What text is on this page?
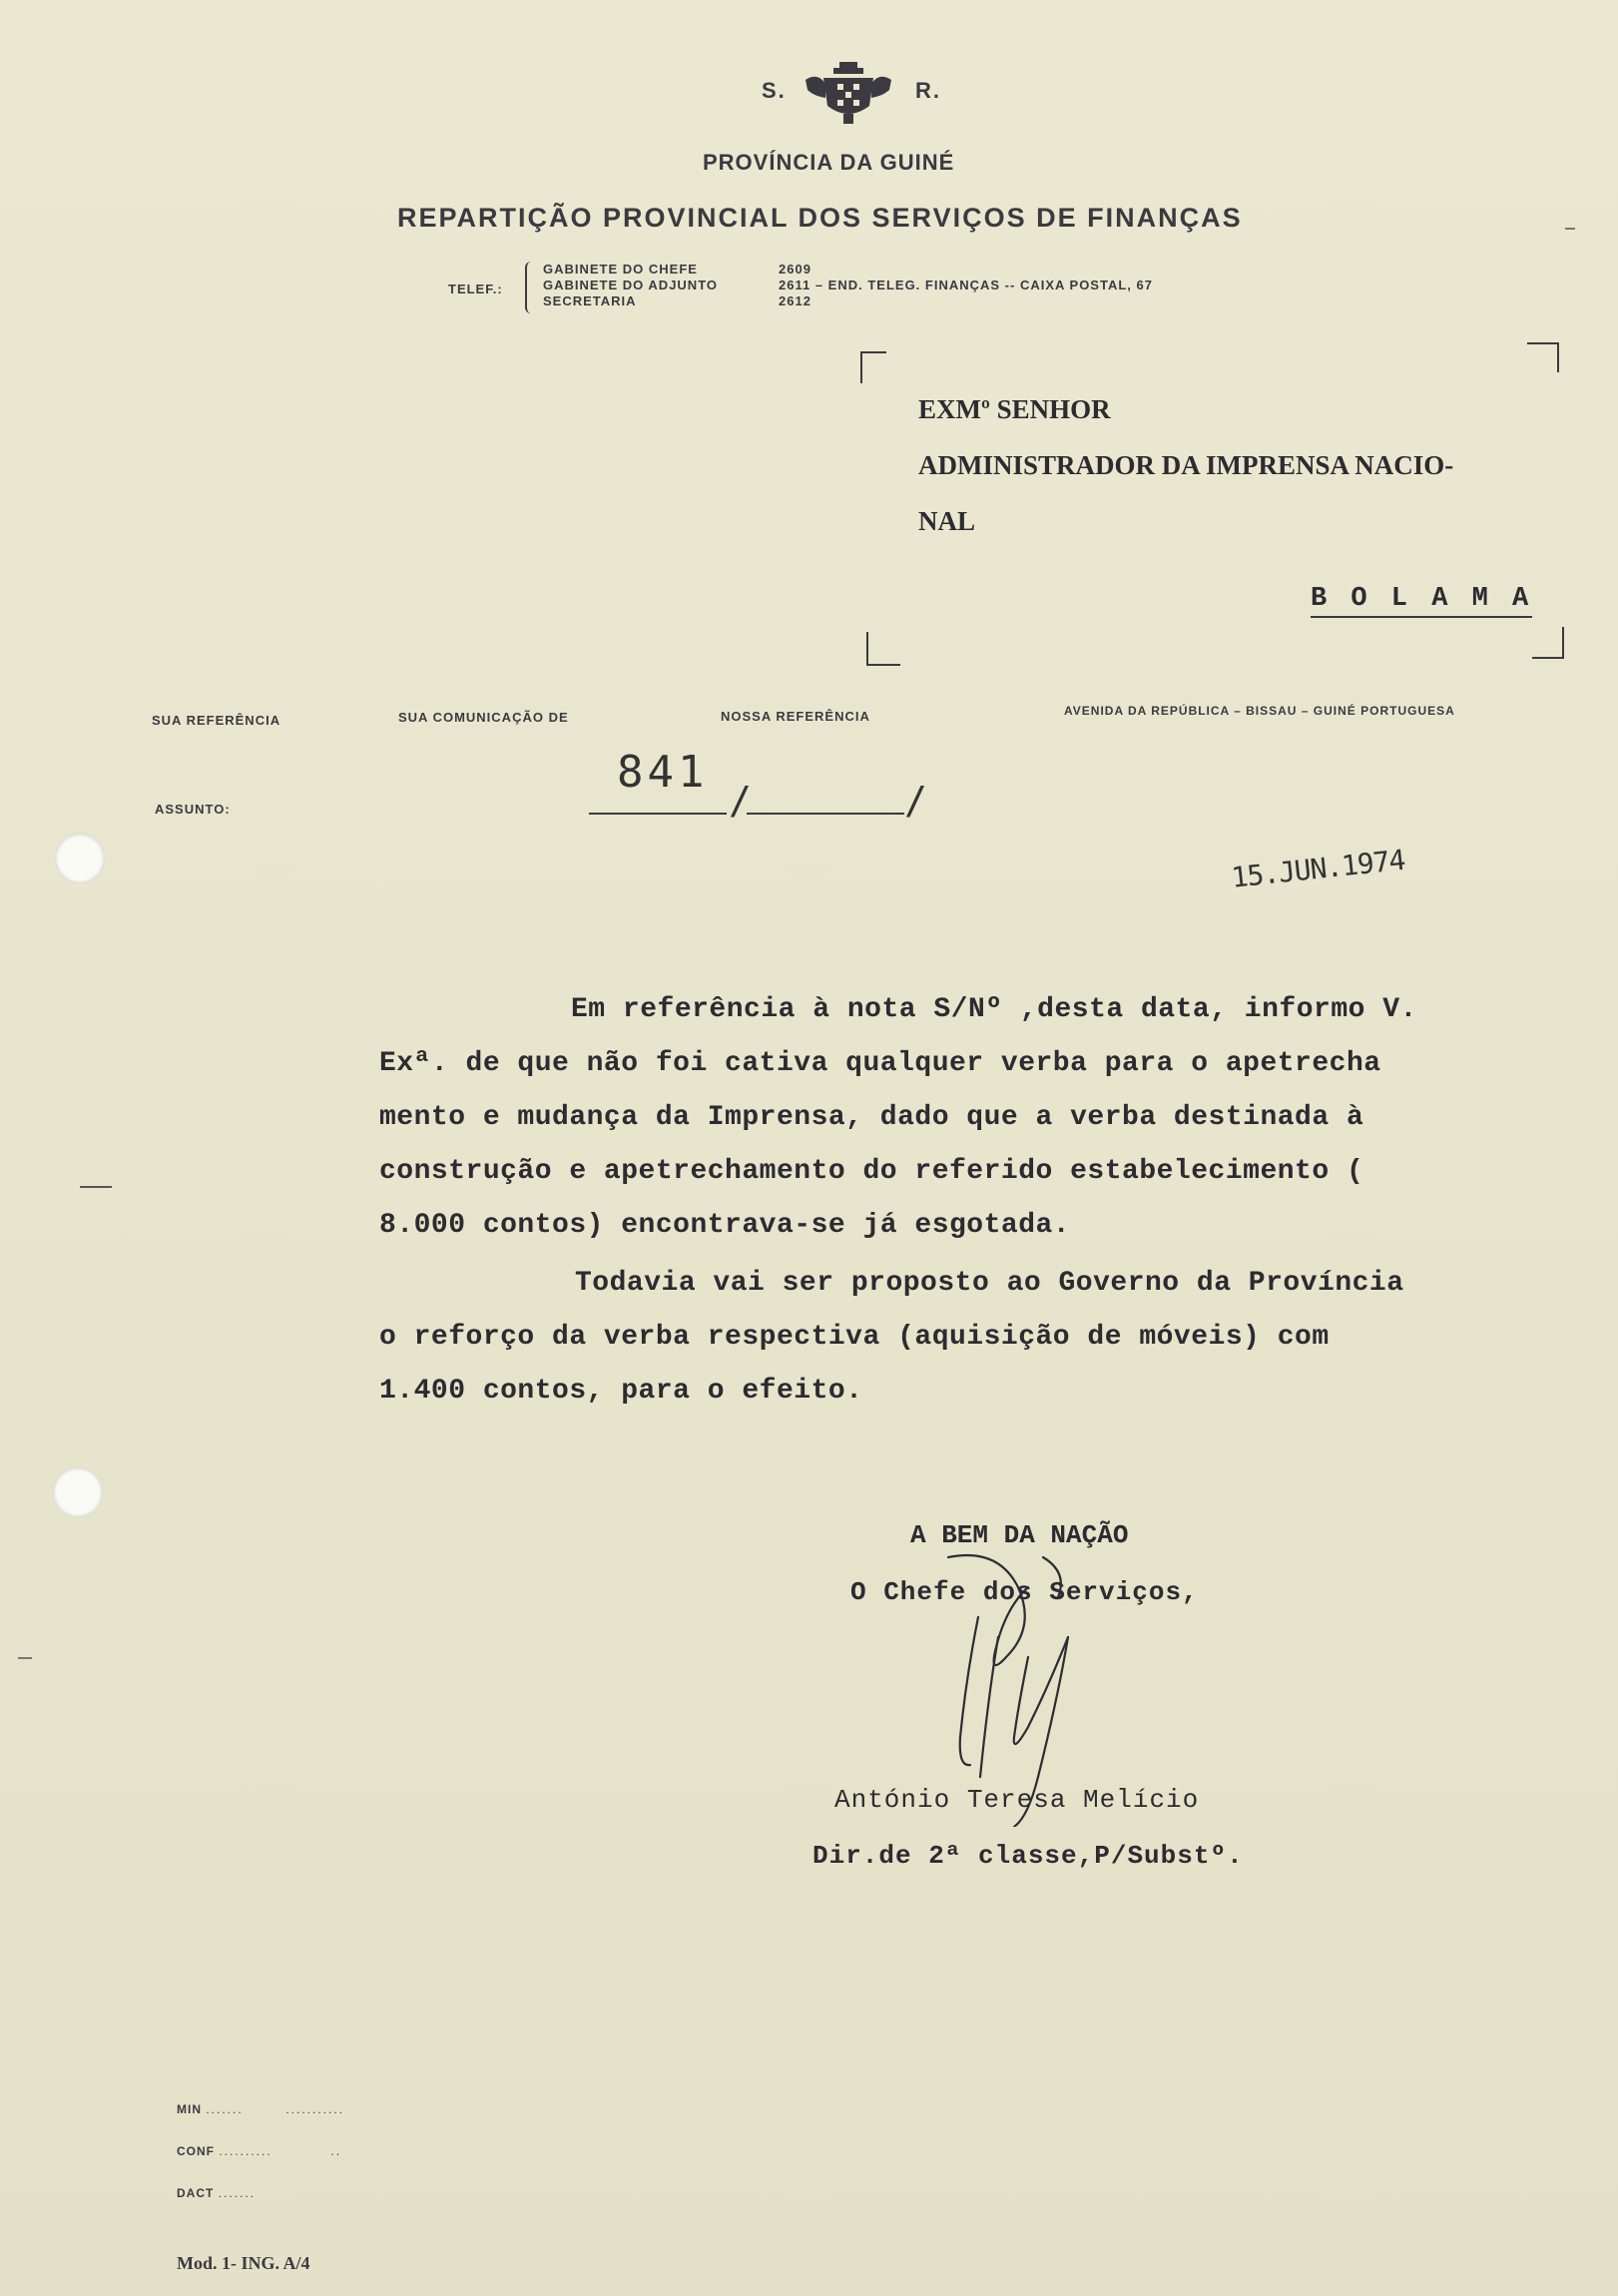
S.	R.
PROVÍNCIA DA GUINÉ
REPARTIÇÃO PROVINCIAL DOS SERVIÇOS DE FINANÇAS
TELEF.:
GABINETE DO CHEFE	2609
GABINETE DO ADJUNTO	2611 – END. TELEG. FINANÇAS -- CAIXA POSTAL, 67
SECRETARIA	2612
EXMº SENHOR
ADMINISTRADOR DA IMPRENSA NACIO-
NAL
B O L A M A
SUA REFERÊNCIA	SUA COMUNICAÇÃO DE	NOSSA REFERÊNCIA	AVENIDA DA REPÚBLICA – BISSAU – GUINÉ PORTUGUESA
ASSUNTO:
841
/	/
15.JUN.1974
Em referência à nota S/Nº ,desta data, informo V.
Exª. de que não foi cativa qualquer verba para o apetrecha
mento e mudança da Imprensa, dado que a verba destinada à
construção e apetrechamento do referido estabelecimento (
8.000 contos) encontrava-se já esgotada.
Todavia vai ser proposto ao Governo da Província
o reforço da verba respectiva (aquisição de móveis) com
1.400 contos, para o efeito.
A BEM DA NAÇÃO
O Chefe dos Serviços,
António Teresa Melício
Dir.de 2ª classe,P/Substº.
MIN .......        ...........
CONF ..........           ..
DACT .......
Mod. 1- ING. A/4
